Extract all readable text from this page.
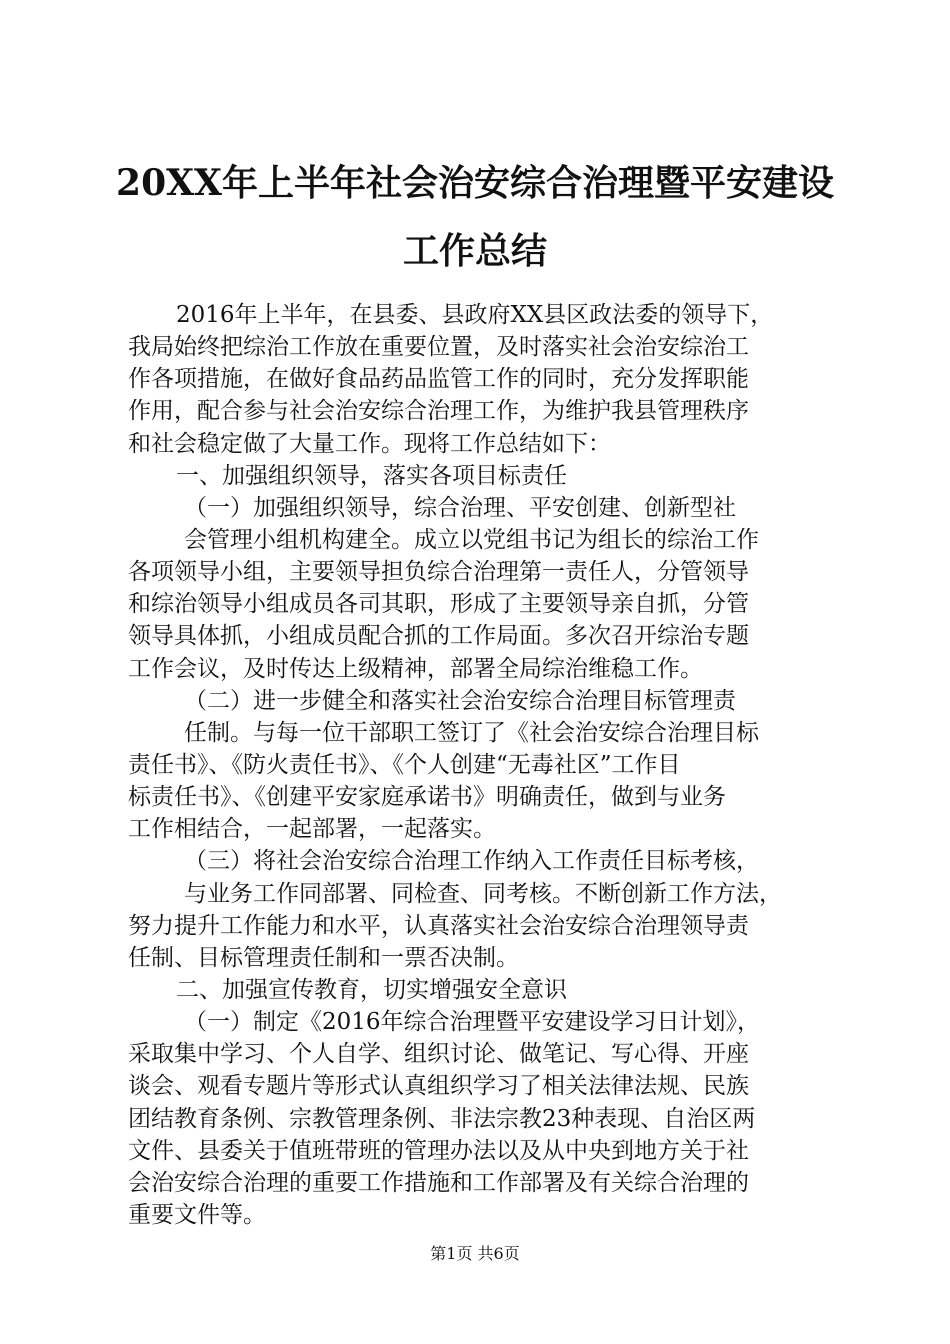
20XX年上半年社会治安综合治理暨平安建设
工作总结
2016年上半年，在县委、县政府XX县区政法委的领导下，
我局始终把综治工作放在重要位置，及时落实社会治安综治工
作各项措施，在做好食品药品监管工作的同时，充分发挥职能
作用，配合参与社会治安综合治理工作，为维护我县管理秩序
和社会稳定做了大量工作。现将工作总结如下：
一、加强组织领导，落实各项目标责任
（一）加强组织领导，综合治理、平安创建、创新型社
会管理小组机构建全。成立以党组书记为组长的综治工作
各项领导小组，主要领导担负综合治理第一责任人，分管领导
和综治领导小组成员各司其职，形成了主要领导亲自抓，分管
领导具体抓，小组成员配合抓的工作局面。多次召开综治专题
工作会议，及时传达上级精神，部署全局综治维稳工作。
（二）进一步健全和落实社会治安综合治理目标管理责
任制。与每一位干部职工签订了《社会治安综合治理目标
责任书》、《防火责任书》、《个人创建“无毒社区”工作目
标责任书》、《创建平安家庭承诺书》明确责任，做到与业务
工作相结合，一起部署，一起落实。
（三）将社会治安综合治理工作纳入工作责任目标考核，
与业务工作同部署、同检查、同考核。不断创新工作方法，
努力提升工作能力和水平，认真落实社会治安综合治理领导责
任制、目标管理责任制和一票否决制。
二、加强宣传教育，切实增强安全意识
（一）制定《2016年综合治理暨平安建设学习日计划》，
采取集中学习、个人自学、组织讨论、做笔记、写心得、开座
谈会、观看专题片等形式认真组织学习了相关法律法规、民族
团结教育条例、宗教管理条例、非法宗教23种表现、自治区两
文件、县委关于值班带班的管理办法以及从中央到地方关于社
会治安综合治理的重要工作措施和工作部署及有关综合治理的
重要文件等。
第1页 共6页
